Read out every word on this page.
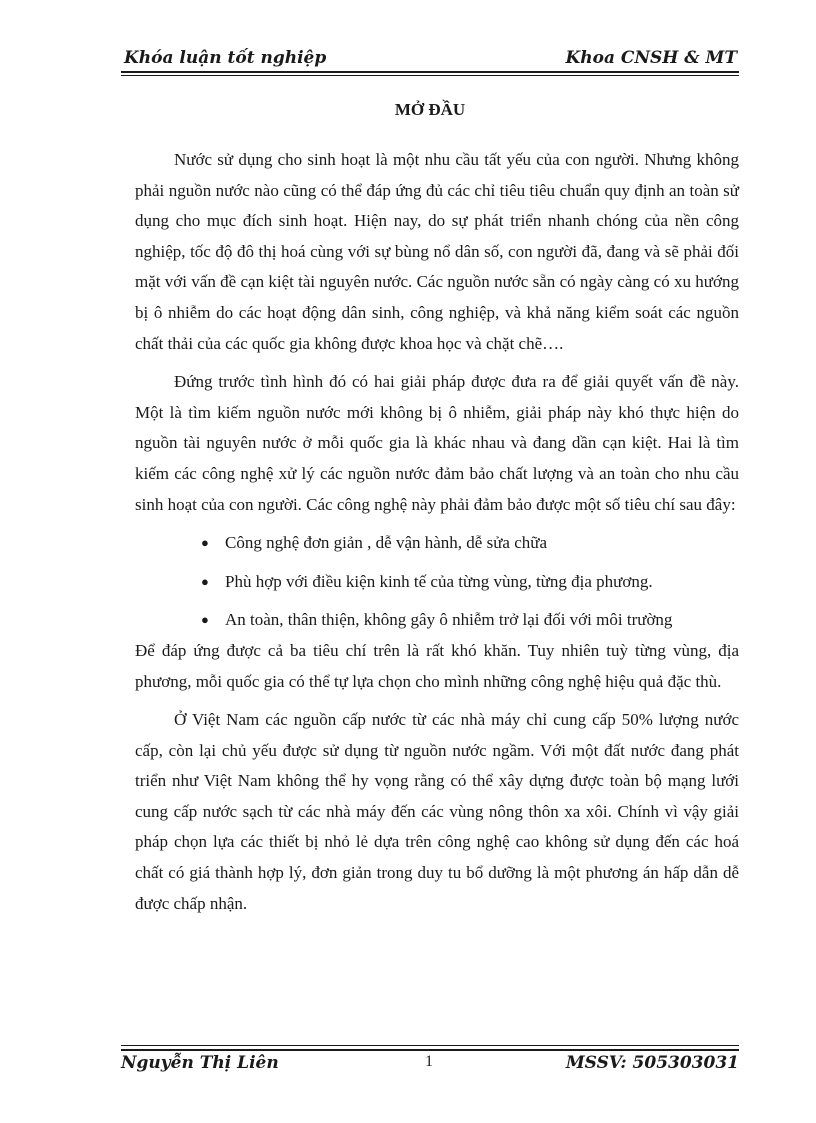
Khóa luận tốt nghiệp	Khoa CNSH & MT
MỞ ĐẦU

Nước sử dụng cho sinh hoạt là một nhu cầu tất yếu của con người. Nhưng không phải nguồn nước nào cũng có thể đáp ứng đủ các chỉ tiêu tiêu chuẩn quy định an toàn sử dụng cho mục đích sinh hoạt. Hiện nay, do sự phát triển nhanh chóng của nền công nghiệp, tốc độ đô thị hoá cùng với sự bùng nổ dân số, con người đã, đang và sẽ phải đối mặt với vấn đề cạn kiệt tài nguyên nước. Các nguồn nước sẵn có ngày càng có xu hướng bị ô nhiễm do các hoạt động dân sinh, công nghiệp, và khả năng kiểm soát các nguồn chất thải của các quốc gia không được khoa học và chặt chẽ….

Đứng trước tình hình đó có hai giải pháp được đưa ra để giải quyết vấn đề này. Một là tìm kiếm nguồn nước mới không bị ô nhiễm, giải pháp này khó thực hiện do nguồn tài nguyên nước ở mỗi quốc gia là khác nhau và đang dần cạn kiệt. Hai là tìm kiếm các công nghệ xử lý các nguồn nước đảm bảo chất lượng và an toàn cho nhu cầu sinh hoạt của con người. Các công nghệ này phải đảm bảo được một số tiêu chí sau đây:

● Công nghệ đơn giản , dễ vận hành, dễ sửa chữa
● Phù hợp với điều kiện kinh tế của từng vùng, từng địa phương.
● An toàn, thân thiện, không gây ô nhiễm trở lại đối với môi trường

Để đáp ứng được cả ba tiêu chí trên là rất khó khăn. Tuy nhiên tuỳ từng vùng, địa phương, mỗi quốc gia có thể tự lựa chọn cho mình những công nghệ hiệu quả đặc thù.

Ở Việt Nam các nguồn cấp nước từ các nhà máy chỉ cung cấp 50% lượng nước cấp, còn lại chủ yếu được sử dụng từ nguồn nước ngầm. Với một đất nước đang phát triển như Việt Nam không thể hy vọng rằng có thể xây dựng được toàn bộ mạng lưới cung cấp nước sạch từ các nhà máy đến các vùng nông thôn xa xôi. Chính vì vậy giải pháp chọn lựa các thiết bị nhỏ lẻ dựa trên công nghệ cao không sử dụng đến các hoá chất có giá thành hợp lý, đơn giản trong duy tu bổ dưỡng là một phương án hấp dẫn dễ được chấp nhận.

Nguyễn Thị Liên	1	MSSV: 505303031
